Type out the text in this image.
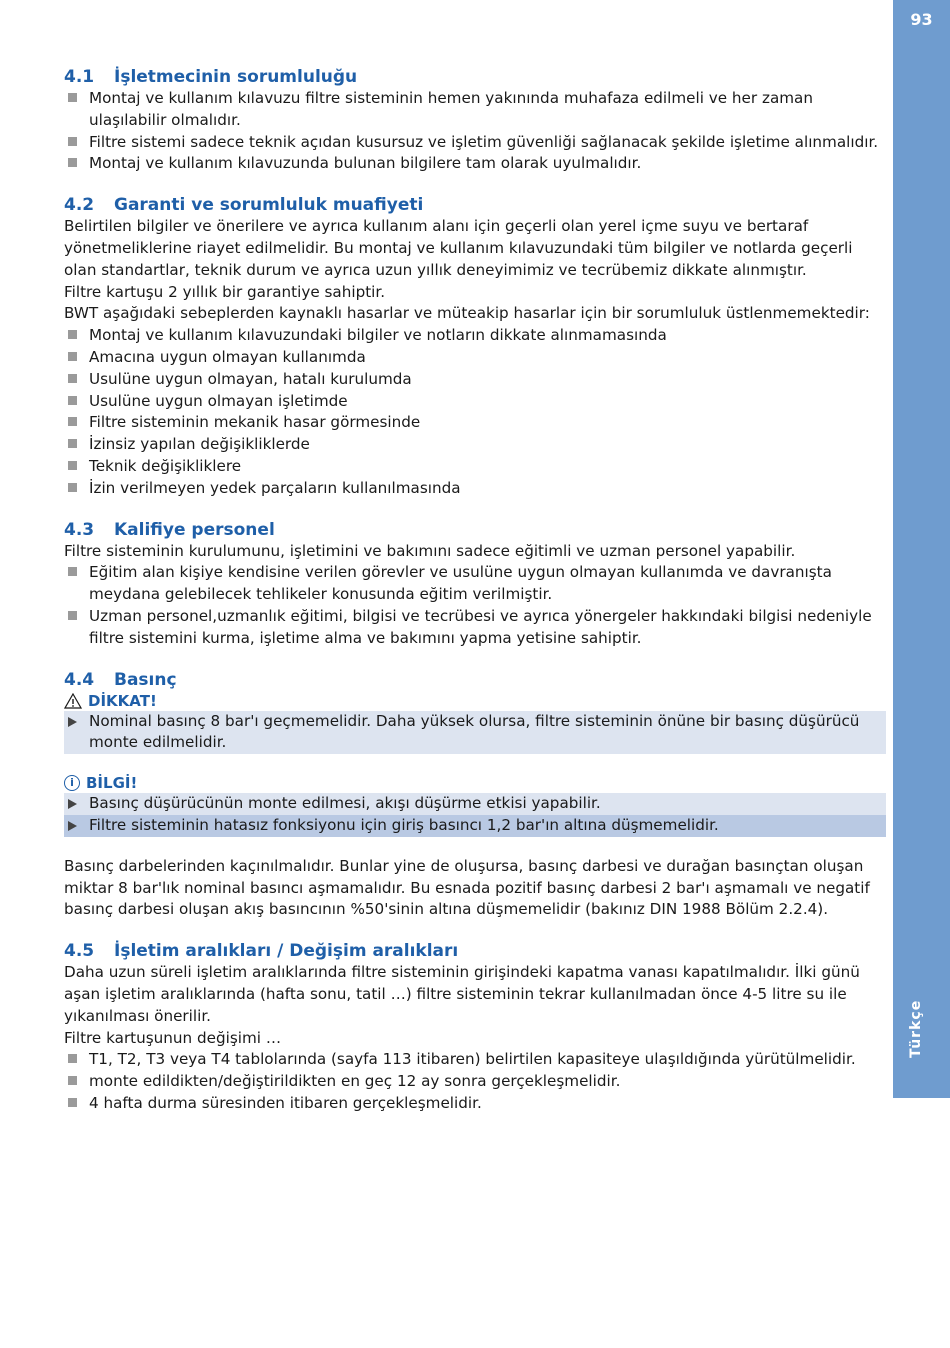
93
Türkçe
4.1	İşletmecinin sorumluluğu
Montaj ve kullanım kılavuzu filtre sisteminin hemen yakınında muhafaza edilmeli ve her zaman ulaşılabilir olmalıdır.
Filtre sistemi sadece teknik açıdan kusursuz ve işletim güvenliği sağlanacak şekilde işletime alınmalıdır.
Montaj ve kullanım kılavuzunda bulunan bilgilere tam olarak uyulmalıdır.
4.2	Garanti ve sorumluluk muafiyeti

Belirtilen bilgiler ve önerilere ve ayrıca kullanım alanı için geçerli olan yerel içme suyu ve bertaraf yönetmeliklerine riayet edilmelidir. Bu montaj ve kullanım kılavuzundaki tüm bilgiler ve notlarda geçerli olan standartlar, teknik durum ve ayrıca uzun yıllık deneyimimiz ve tecrübemiz dikkate alınmıştır.

Filtre kartuşu 2 yıllık bir garantiye sahiptir.

BWT aşağıdaki sebeplerden kaynaklı hasarlar ve müteakip hasarlar için bir sorumluluk üstlenmemektedir:

Montaj ve kullanım kılavuzundaki bilgiler ve notların dikkate alınmamasında
Amacına uygun olmayan kullanımda
Usulüne uygun olmayan, hatalı kurulumda
Usulüne uygun olmayan işletimde
Filtre sisteminin mekanik hasar görmesinde
İzinsiz yapılan değişikliklerde
Teknik değişikliklere
İzin verilmeyen yedek parçaların kullanılmasında
4.3	Kalifiye personel

Filtre sisteminin kurulumunu, işletimini ve bakımını sadece eğitimli ve uzman personel yapabilir.

Eğitim alan kişiye kendisine verilen görevler ve usulüne uygun olmayan kullanımda ve davranışta meydana gelebilecek tehlikeler konusunda eğitim verilmiştir.
Uzman personel,uzmanlık eğitimi, bilgisi ve tecrübesi ve ayrıca yönergeler hakkındaki bilgisi nedeniyle filtre sistemini kurma, işletime alma ve bakımını yapma yetisine sahiptir.
4.4	Basınç
DİKKAT!
Nominal basınç 8 bar'ı geçmemelidir. Daha yüksek olursa, filtre sisteminin önüne bir basınç düşürücü monte edilmelidir.
i BİLGİ!
Basınç düşürücünün monte edilmesi, akışı düşürme etkisi yapabilir.
Filtre sisteminin hatasız fonksiyonu için giriş basıncı 1,2 bar'ın altına düşmemelidir.

Basınç darbelerinden kaçınılmalıdır. Bunlar yine de oluşursa, basınç darbesi ve durağan basınçtan oluşan miktar 8 bar'lık nominal basıncı aşmamalıdır. Bu esnada pozitif basınç darbesi 2 bar'ı aşmamalı ve negatif basınç darbesi oluşan akış basıncının %50'sinin altına düşmemelidir (bakınız DIN 1988 Bölüm 2.2.4).

4.5	İşletim aralıkları / Değişim aralıkları

Daha uzun süreli işletim aralıklarında filtre sisteminin girişindeki kapatma vanası kapatılmalıdır. İlki günü aşan işletim aralıklarında (hafta sonu, tatil …) filtre sisteminin tekrar kullanılmadan önce 4-5 litre su ile yıkanılması önerilir.

Filtre kartuşunun değişimi …

T1, T2, T3 veya T4 tablolarında (sayfa 113 itibaren) belirtilen kapasiteye ulaşıldığında yürütülmelidir.
monte edildikten/değiştirildikten en geç 12 ay sonra gerçekleşmelidir.
4 hafta durma süresinden itibaren gerçekleşmelidir.
